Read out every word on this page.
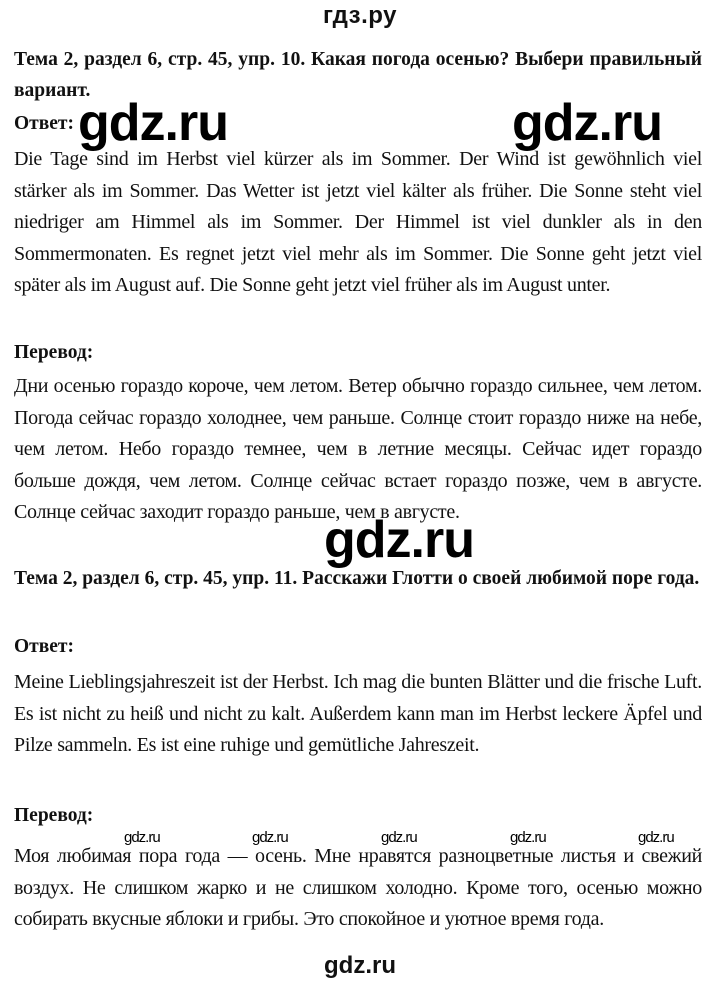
гдз.ру
Тема 2, раздел 6, стр. 45, упр. 10. Какая погода осенью? Выбери правильный вариант.
Ответ: gdz.ru	gdz.ru
Die Tage sind im Herbst viel kürzer als im Sommer. Der Wind ist gewöhnlich viel stärker als im Sommer. Das Wetter ist jetzt viel kälter als früher. Die Sonne steht viel niedriger am Himmel als im Sommer. Der Himmel ist viel dunkler als in den Sommermonaten. Es regnet jetzt viel mehr als im Sommer. Die Sonne geht jetzt viel später als im August auf. Die Sonne geht jetzt viel früher als im August unter.
Перевод:
Дни осенью гораздо короче, чем летом. Ветер обычно гораздо сильнее, чем летом. Погода сейчас гораздо холоднее, чем раньше. Солнце стоит гораздо ниже на небе, чем летом. Небо гораздо темнее, чем в летние месяцы. Сейчас идет гораздо больше дождя, чем летом. Солнце сейчас встает гораздо позже, чем в августе. Солнце сейчас заходит гораздо раньше, чем в августе.
gdz.ru
Тема 2, раздел 6, стр. 45, упр. 11. Расскажи Глотти о своей любимой поре года.
Ответ:
Meine Lieblingsjahreszeit ist der Herbst. Ich mag die bunten Blätter und die frische Luft. Es ist nicht zu heiß und nicht zu kalt. Außerdem kann man im Herbst leckere Äpfel und Pilze sammeln. Es ist eine ruhige und gemütliche Jahreszeit.
Перевод:
gdz.ru	gdz.ru	gdz.ru	gdz.ru	gdz.ru
Моя любимая пора года — осень. Мне нравятся разноцветные листья и свежий воздух. Не слишком жарко и не слишком холодно. Кроме того, осенью можно собирать вкусные яблоки и грибы. Это спокойное и уютное время года.
gdz.ru
